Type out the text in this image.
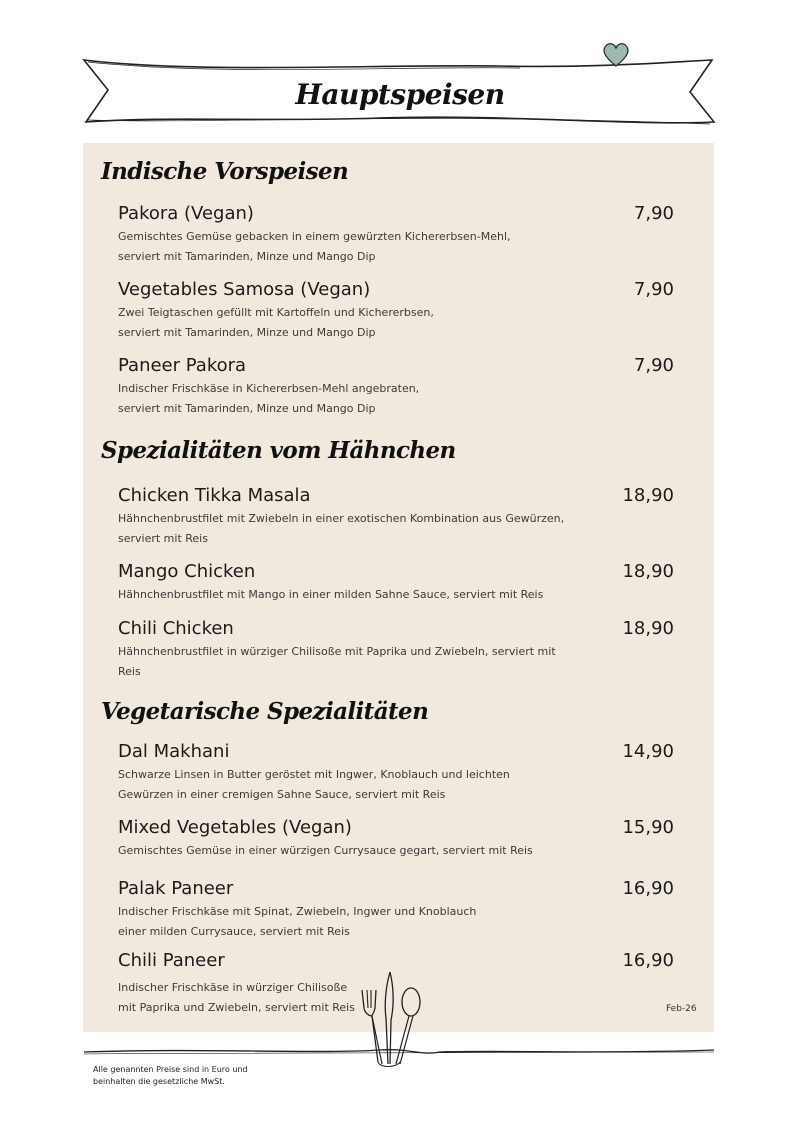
Hauptspeisen
Indische Vorspeisen
Pakora (Vegan)	7,90
Gemischtes Gemüse gebacken in einem gewürzten Kichererbsen-Mehl,
serviert mit Tamarinden, Minze und Mango Dip
Vegetables Samosa (Vegan)	7,90
Zwei Teigtaschen gefüllt mit Kartoffeln und Kichererbsen,
serviert mit Tamarinden, Minze und Mango Dip
Paneer Pakora	7,90
Indischer Frischkäse in Kichererbsen-Mehl angebraten,
serviert mit Tamarinden, Minze und Mango Dip
Spezialitäten vom Hähnchen
Chicken Tikka Masala	18,90
Hähnchenbrustfilet mit Zwiebeln in einer exotischen Kombination aus Gewürzen,
serviert mit Reis
Mango Chicken	18,90
Hähnchenbrustfilet mit Mango in einer milden Sahne Sauce, serviert mit Reis
Chili Chicken	18,90
Hähnchenbrustfilet in würziger Chilisoße mit Paprika und Zwiebeln, serviert mit
Reis
Vegetarische Spezialitäten
Dal Makhani	14,90
Schwarze Linsen in Butter geröstet mit Ingwer, Knoblauch und leichten
Gewürzen in einer cremigen Sahne Sauce, serviert mit Reis
Mixed Vegetables (Vegan)	15,90
Gemischtes Gemüse in einer würzigen Currysauce gegart, serviert mit Reis
Palak Paneer	16,90
Indischer Frischkäse mit Spinat, Zwiebeln, Ingwer und Knoblauch
einer milden Currysauce, serviert mit Reis
Chili Paneer	16,90
Indischer Frischkäse in würziger Chilisoße
mit Paprika und Zwiebeln, serviert mit Reis	Feb-26
Alle genannten Preise sind in Euro und
beinhalten die gesetzliche MwSt.
